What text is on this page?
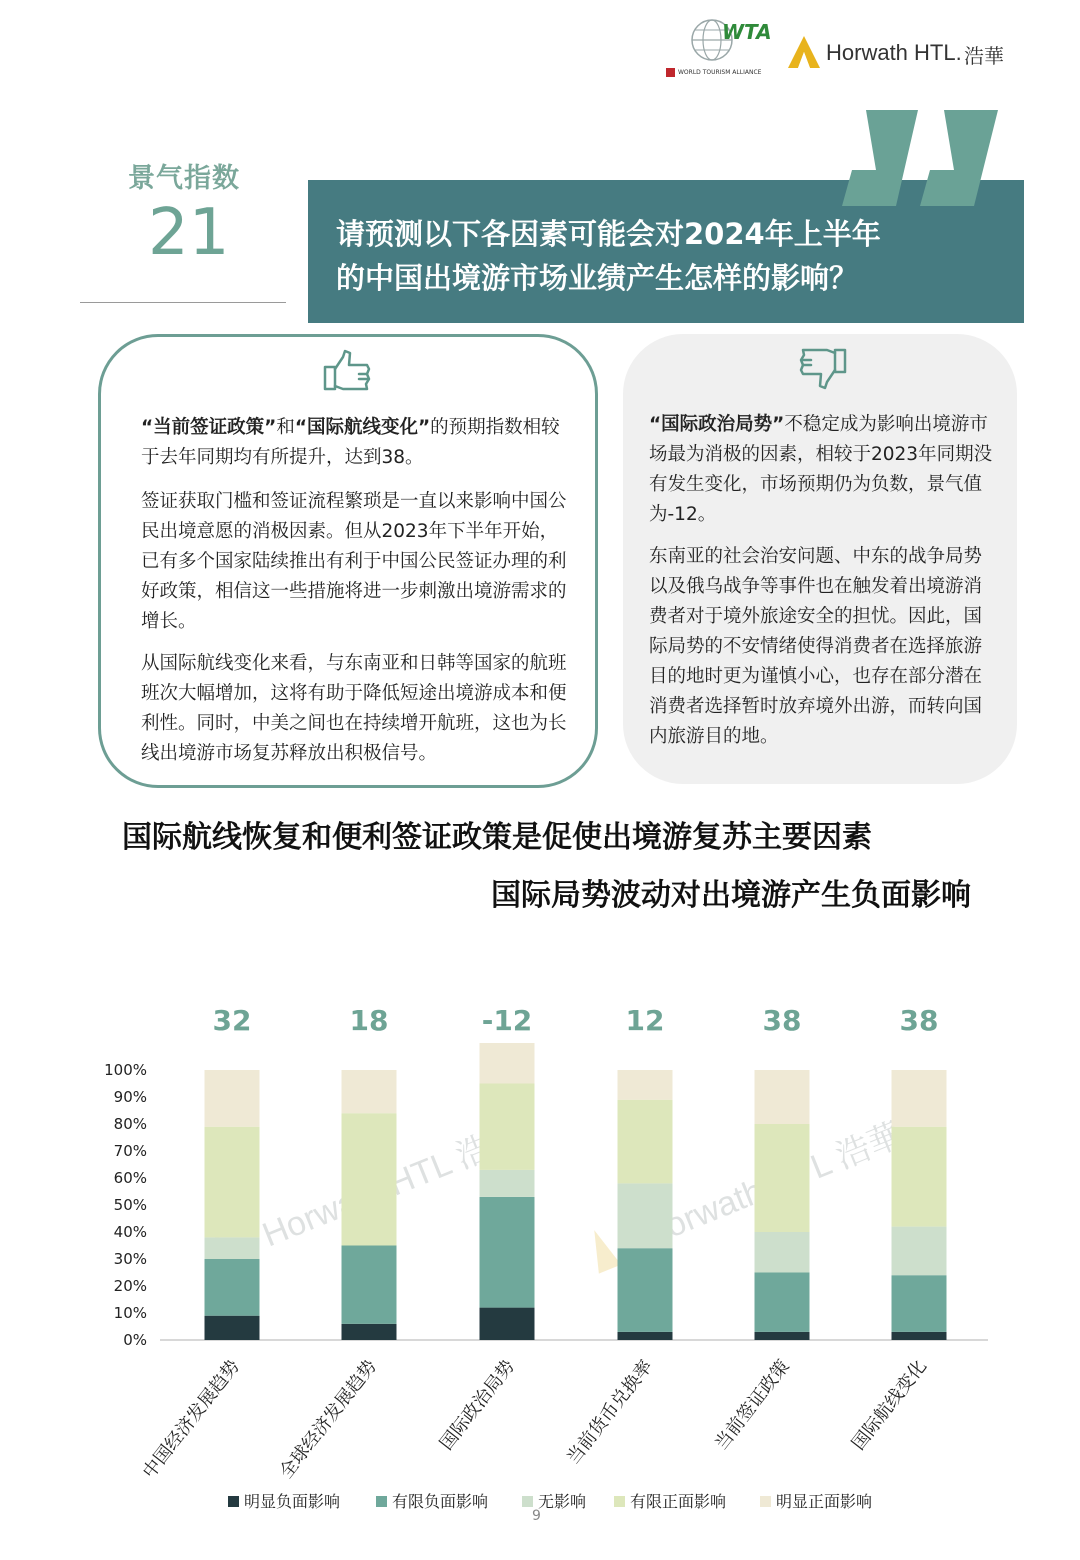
WTA
WORLD TOURISM ALLIANCE
Horwath HTL. 浩華
景气指数
21	请预测以下各因素可能会对2024年上半年
的中国出境游市场业绩产生怎样的影响？
“当前签证政策”和“国际航线变化”的预期指数相较于去年同期均有所提升，达到38。
签证获取门槛和签证流程繁琐是一直以来影响中国公民出境意愿的消极因素。但从2023年下半年开始，已有多个国家陆续推出有利于中国公民签证办理的利好政策，相信这一些措施将进一步刺激出境游需求的增长。
从国际航线变化来看，与东南亚和日韩等国家的航班班次大幅增加，这将有助于降低短途出境游成本和便利性。同时，中美之间也在持续增开航班，这也为长线出境游市场复苏释放出积极信号。
“国际政治局势”不稳定成为影响出境游市场最为消极的因素，相较于2023年同期没有发生变化，市场预期仍为负数，景气值为-12。
东南亚的社会治安问题、中东的战争局势以及俄乌战争等事件也在触发着出境游消费者对于境外旅途安全的担忧。因此，国际局势的不安情绪使得消费者在选择旅游目的地时更为谨慎小心，也存在部分潜在消费者选择暂时放弃境外出游，而转向国内旅游目的地。
国际航线恢复和便利签证政策是促使出境游复苏主要因素
国际局势波动对出境游产生负面影响
Horwath HTL	Horwath 浩華
0%
10%
20%
30%
40%
50%
60%
70%
80%
90%
100%
32
中国经济发展趋势
18
全球经济发展趋势
-12
国际政治局势
12
当前货币兑换率
38
当前签证政策
38
国际航线变化
明显负面影响	有限负面影响	无影响	有限正面影响	明显正面影响
9
